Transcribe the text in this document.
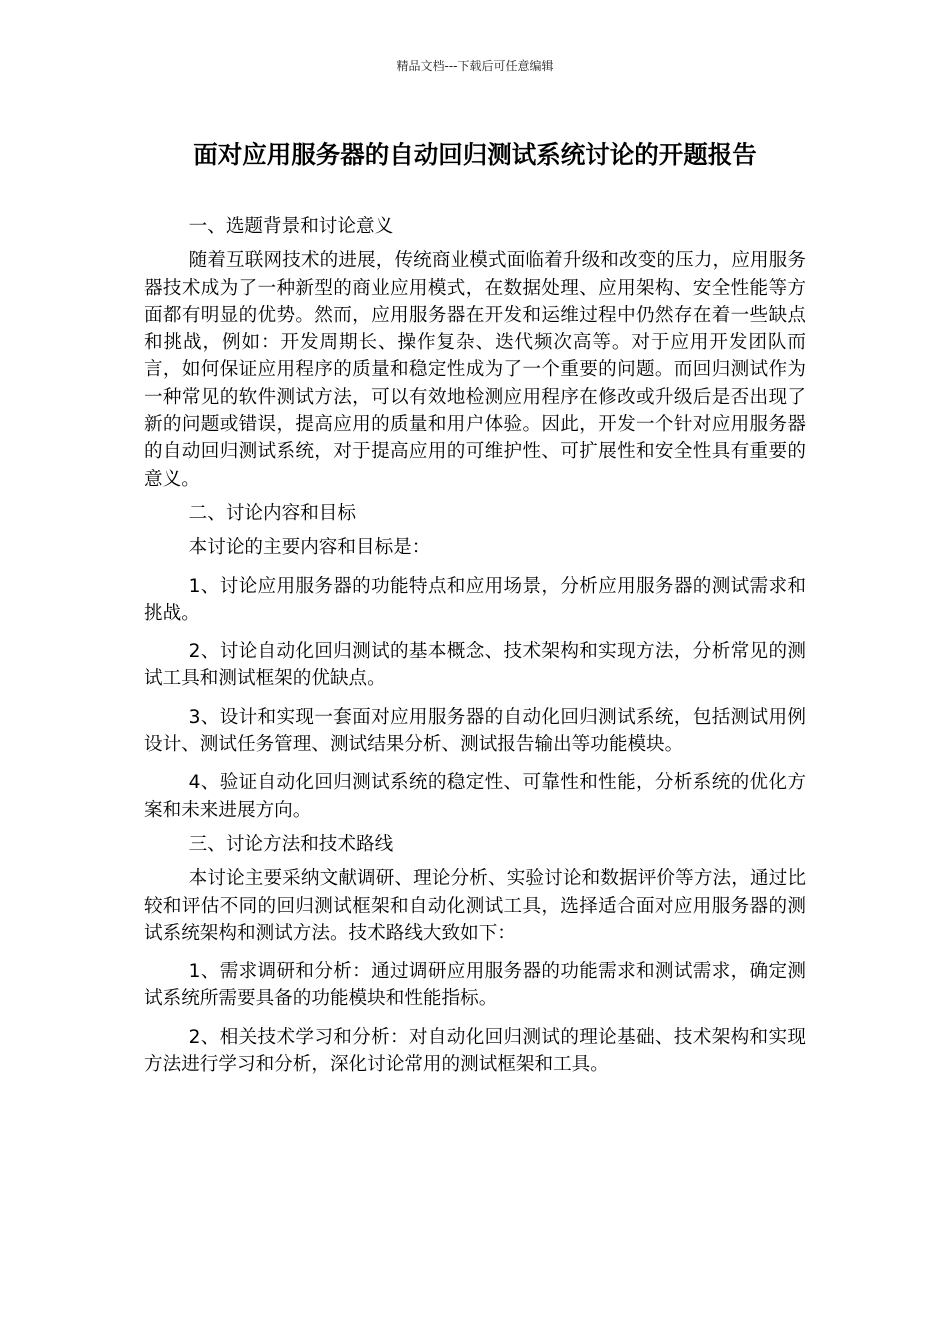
精品文档---下载后可任意编辑
面对应用服务器的自动回归测试系统讨论的开题报告

一、选题背景和讨论意义

随着互联网技术的进展，传统商业模式面临着升级和改变的压力，应用服务器技术成为了一种新型的商业应用模式，在数据处理、应用架构、安全性能等方面都有明显的优势。然而，应用服务器在开发和运维过程中仍然存在着一些缺点和挑战，例如：开发周期长、操作复杂、迭代频次高等。对于应用开发团队而言，如何保证应用程序的质量和稳定性成为了一个重要的问题。而回归测试作为一种常见的软件测试方法，可以有效地检测应用程序在修改或升级后是否出现了新的问题或错误，提高应用的质量和用户体验。因此，开发一个针对应用服务器的自动回归测试系统，对于提高应用的可维护性、可扩展性和安全性具有重要的意义。

二、讨论内容和目标

本讨论的主要内容和目标是：

1、讨论应用服务器的功能特点和应用场景，分析应用服务器的测试需求和挑战。

2、讨论自动化回归测试的基本概念、技术架构和实现方法，分析常见的测试工具和测试框架的优缺点。

3、设计和实现一套面对应用服务器的自动化回归测试系统，包括测试用例设计、测试任务管理、测试结果分析、测试报告输出等功能模块。

4、验证自动化回归测试系统的稳定性、可靠性和性能，分析系统的优化方案和未来进展方向。

三、讨论方法和技术路线

本讨论主要采纳文献调研、理论分析、实验讨论和数据评价等方法，通过比较和评估不同的回归测试框架和自动化测试工具，选择适合面对应用服务器的测试系统架构和测试方法。技术路线大致如下：

1、需求调研和分析：通过调研应用服务器的功能需求和测试需求，确定测试系统所需要具备的功能模块和性能指标。

2、相关技术学习和分析：对自动化回归测试的理论基础、技术架构和实现方法进行学习和分析，深化讨论常用的测试框架和工具。
